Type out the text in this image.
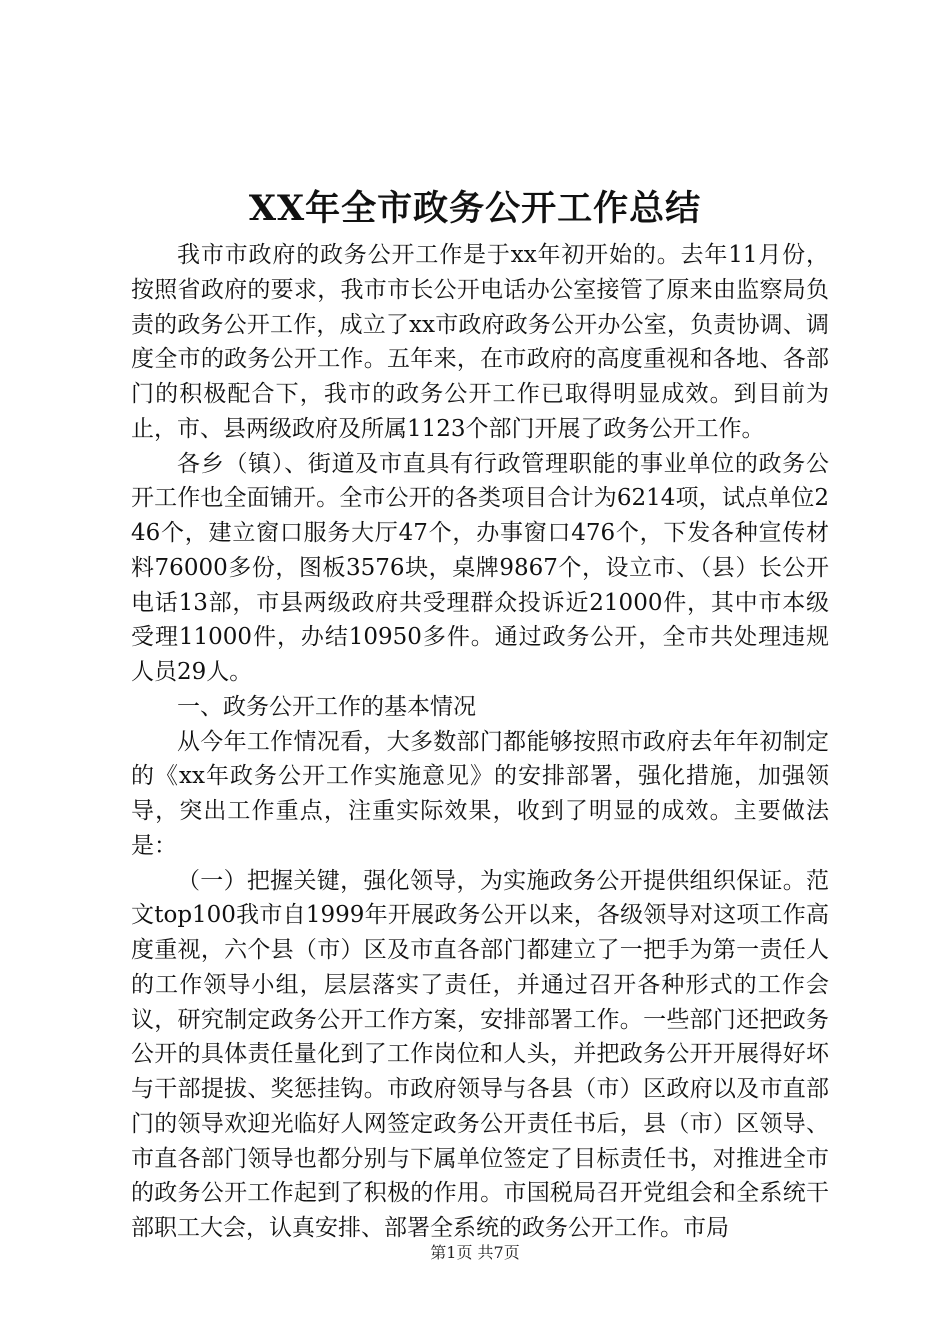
XX年全市政务公开工作总结

我市市政府的政务公开工作是于xx年初开始的。去年11月份，按照省政府的要求，我市市长公开电话办公室接管了原来由监察局负责的政务公开工作，成立了xx市政府政务公开办公室，负责协调、调度全市的政务公开工作。五年来，在市政府的高度重视和各地、各部门的积极配合下，我市的政务公开工作已取得明显成效。到目前为止，市、县两级政府及所属1123个部门开展了政务公开工作。

各乡（镇）、街道及市直具有行政管理职能的事业单位的政务公开工作也全面铺开。全市公开的各类项目合计为6214项，试点单位246个，建立窗口服务大厅47个，办事窗口476个，下发各种宣传材料76000多份，图板3576块，桌牌9867个，设立市、（县）长公开电话13部，市县两级政府共受理群众投诉近21000件，其中市本级受理11000件，办结10950多件。通过政务公开，全市共处理违规人员29人。

一、政务公开工作的基本情况

从今年工作情况看，大多数部门都能够按照市政府去年年初制定的《xx年政务公开工作实施意见》的安排部署，强化措施，加强领导，突出工作重点，注重实际效果，收到了明显的成效。主要做法是：

（一）把握关键，强化领导，为实施政务公开提供组织保证。范文top100我市自1999年开展政务公开以来，各级领导对这项工作高度重视，六个县（市）区及市直各部门都建立了一把手为第一责任人的工作领导小组，层层落实了责任，并通过召开各种形式的工作会议，研究制定政务公开工作方案，安排部署工作。一些部门还把政务公开的具体责任量化到了工作岗位和人头，并把政务公开开展得好坏与干部提拔、奖惩挂钩。市政府领导与各县（市）区政府以及市直部门的领导欢迎光临好人网签定政务公开责任书后，县（市）区领导、市直各部门领导也都分别与下属单位签定了目标责任书，对推进全市的政务公开工作起到了积极的作用。市国税局召开党组会和全系统干部职工大会，认真安排、部署全系统的政务公开工作。市局

第1页 共7页
